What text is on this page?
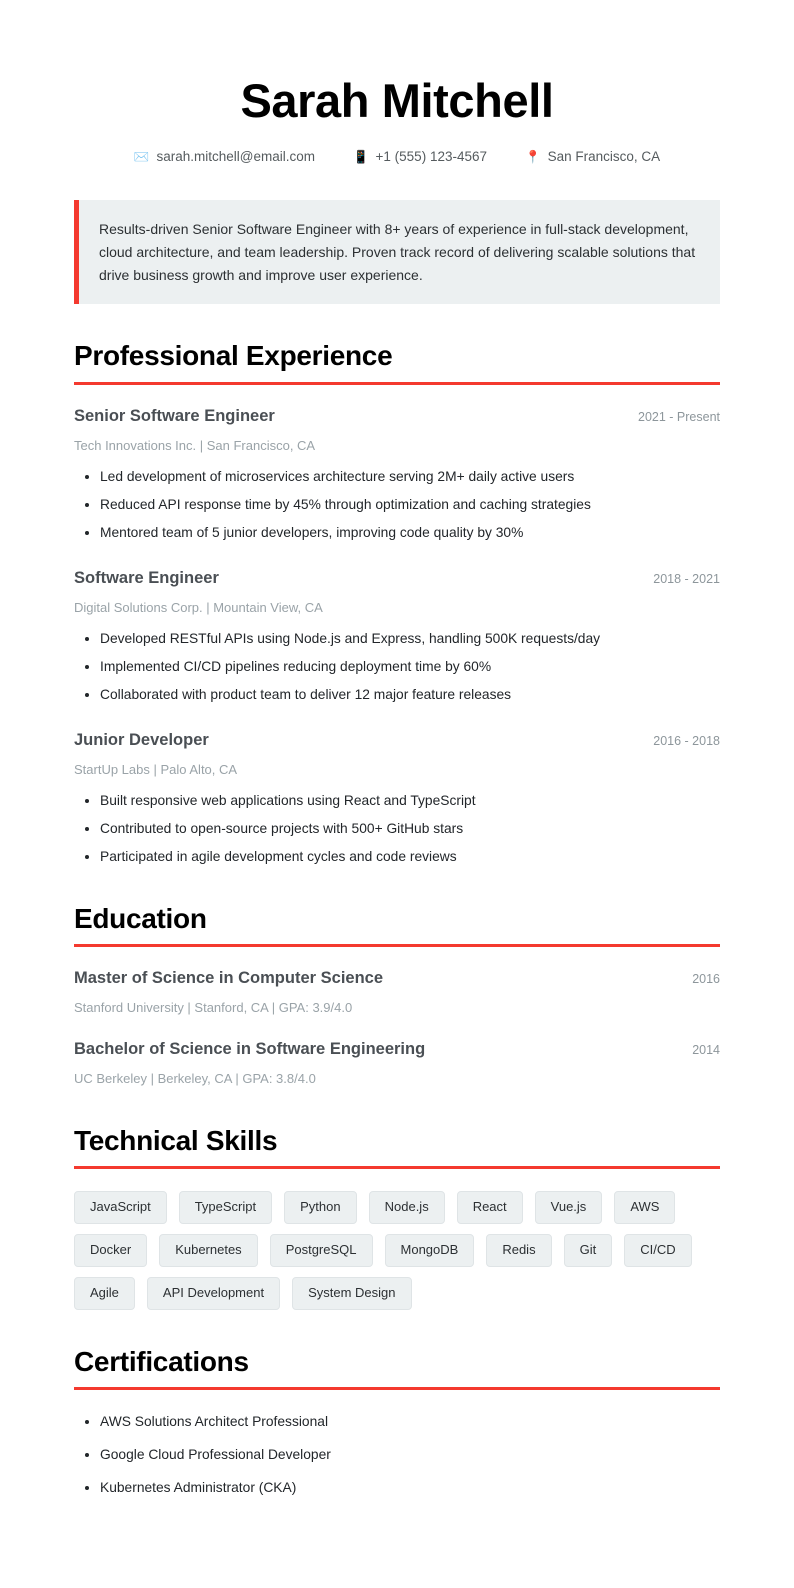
Sarah Mitchell
✉️ sarah.mitchell@email.com	📱 +1 (555) 123-4567	📍 San Francisco, CA
Results-driven Senior Software Engineer with 8+ years of experience in full-stack development, cloud architecture, and team leadership. Proven track record of delivering scalable solutions that drive business growth and improve user experience.
Professional Experience
Senior Software Engineer	2021 - Present
Tech Innovations Inc. | San Francisco, CA
• Led development of microservices architecture serving 2M+ daily active users
• Reduced API response time by 45% through optimization and caching strategies
• Mentored team of 5 junior developers, improving code quality by 30%
Software Engineer	2018 - 2021
Digital Solutions Corp. | Mountain View, CA
• Developed RESTful APIs using Node.js and Express, handling 500K requests/day
• Implemented CI/CD pipelines reducing deployment time by 60%
• Collaborated with product team to deliver 12 major feature releases
Junior Developer	2016 - 2018
StartUp Labs | Palo Alto, CA
• Built responsive web applications using React and TypeScript
• Contributed to open-source projects with 500+ GitHub stars
• Participated in agile development cycles and code reviews
Education
Master of Science in Computer Science	2016
Stanford University | Stanford, CA | GPA: 3.9/4.0
Bachelor of Science in Software Engineering	2014
UC Berkeley | Berkeley, CA | GPA: 3.8/4.0
Technical Skills
JavaScript	TypeScript	Python	Node.js	React	Vue.js	AWS
Docker	Kubernetes	PostgreSQL	MongoDB	Redis	Git	CI/CD
Agile	API Development	System Design
Certifications
• AWS Solutions Architect Professional
• Google Cloud Professional Developer
• Kubernetes Administrator (CKA)
